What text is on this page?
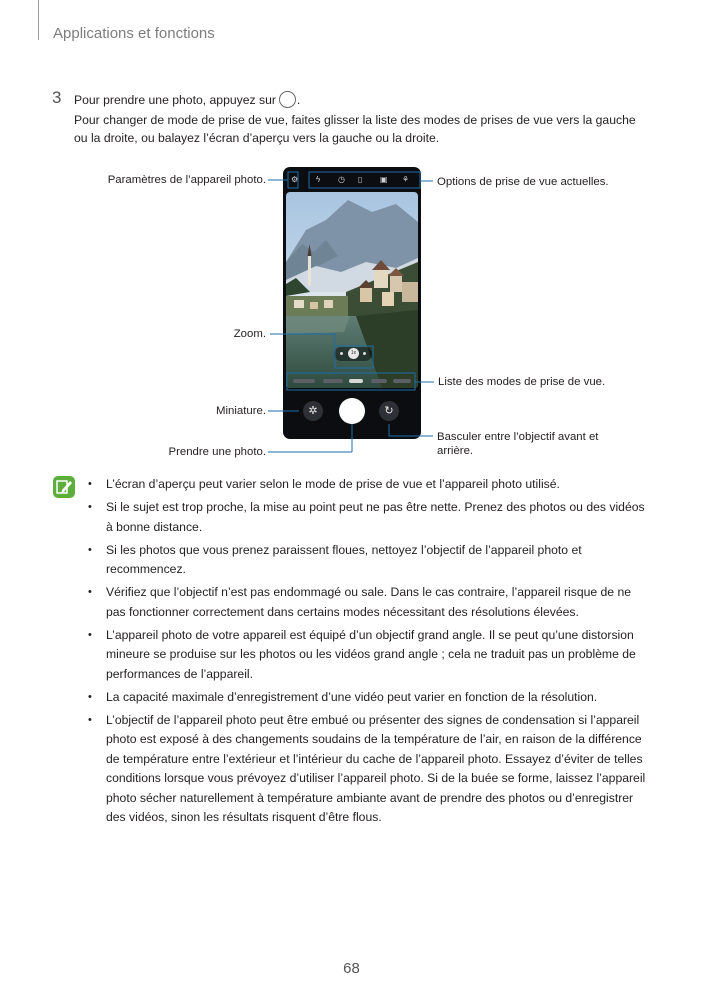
Applications et fonctions
3 Pour prendre une photo, appuyez sur .
Pour changer de mode de prise de vue, faites glisser la liste des modes de prises de vue vers la gauche ou la droite, ou balayez l’écran d’aperçu vers la gauche ou la droite.
⚙ ϟ ◷ ▯ ▣ ⚘
1x
✲	↻
Paramètres de l’appareil photo.	Options de prise de vue actuelles.
Zoom.
Liste des modes de prise de vue.
Miniature.
Prendre une photo.
Basculer entre l’objectif avant et
arrière.
• L’écran d’aperçu peut varier selon le mode de prise de vue et l’appareil photo utilisé.
• Si le sujet est trop proche, la mise au point peut ne pas être nette. Prenez des photos ou des vidéos à bonne distance.
• Si les photos que vous prenez paraissent floues, nettoyez l’objectif de l’appareil photo et recommencez.
• Vérifiez que l’objectif n’est pas endommagé ou sale. Dans le cas contraire, l’appareil risque de ne pas fonctionner correctement dans certains modes nécessitant des résolutions élevées.
• L’appareil photo de votre appareil est équipé d’un objectif grand angle. Il se peut qu’une distorsion mineure se produise sur les photos ou les vidéos grand angle ; cela ne traduit pas un problème de performances de l’appareil.
• La capacité maximale d’enregistrement d’une vidéo peut varier en fonction de la résolution.
• L’objectif de l’appareil photo peut être embué ou présenter des signes de condensation si l’appareil photo est exposé à des changements soudains de la température de l’air, en raison de la différence de température entre l’extérieur et l’intérieur du cache de l’appareil photo. Essayez d’éviter de telles conditions lorsque vous prévoyez d’utiliser l’appareil photo. Si de la buée se forme, laissez l’appareil photo sécher naturellement à température ambiante avant de prendre des photos ou d’enregistrer des vidéos, sinon les résultats risquent d’être flous.
68
